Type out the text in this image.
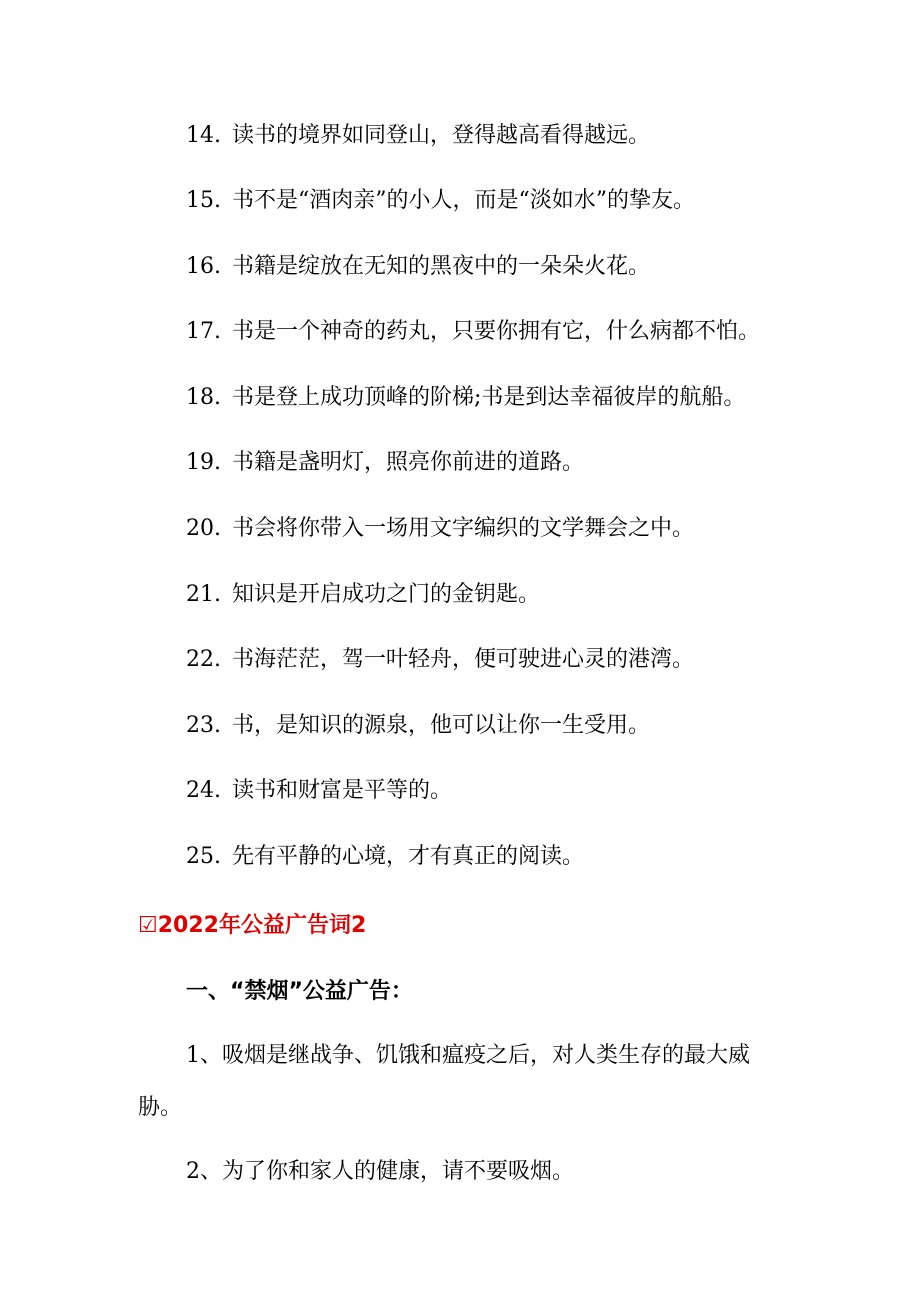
14. 读书的境界如同登山，登得越高看得越远。
15. 书不是“酒肉亲”的小人，而是“淡如水”的挚友。
16. 书籍是绽放在无知的黑夜中的一朵朵火花。
17. 书是一个神奇的药丸，只要你拥有它，什么病都不怕。
18. 书是登上成功顶峰的阶梯;书是到达幸福彼岸的航船。
19. 书籍是盏明灯，照亮你前进的道路。
20. 书会将你带入一场用文字编织的文学舞会之中。
21. 知识是开启成功之门的金钥匙。
22. 书海茫茫，驾一叶轻舟，便可驶进心灵的港湾。
23. 书，是知识的源泉，他可以让你一生受用。
24. 读书和财富是平等的。
25. 先有平静的心境，才有真正的阅读。
☑2022年公益广告词2
一、“禁烟”公益广告：
1、吸烟是继战争、饥饿和瘟疫之后，对人类生存的最大威胁。
2、为了你和家人的健康，请不要吸烟。
